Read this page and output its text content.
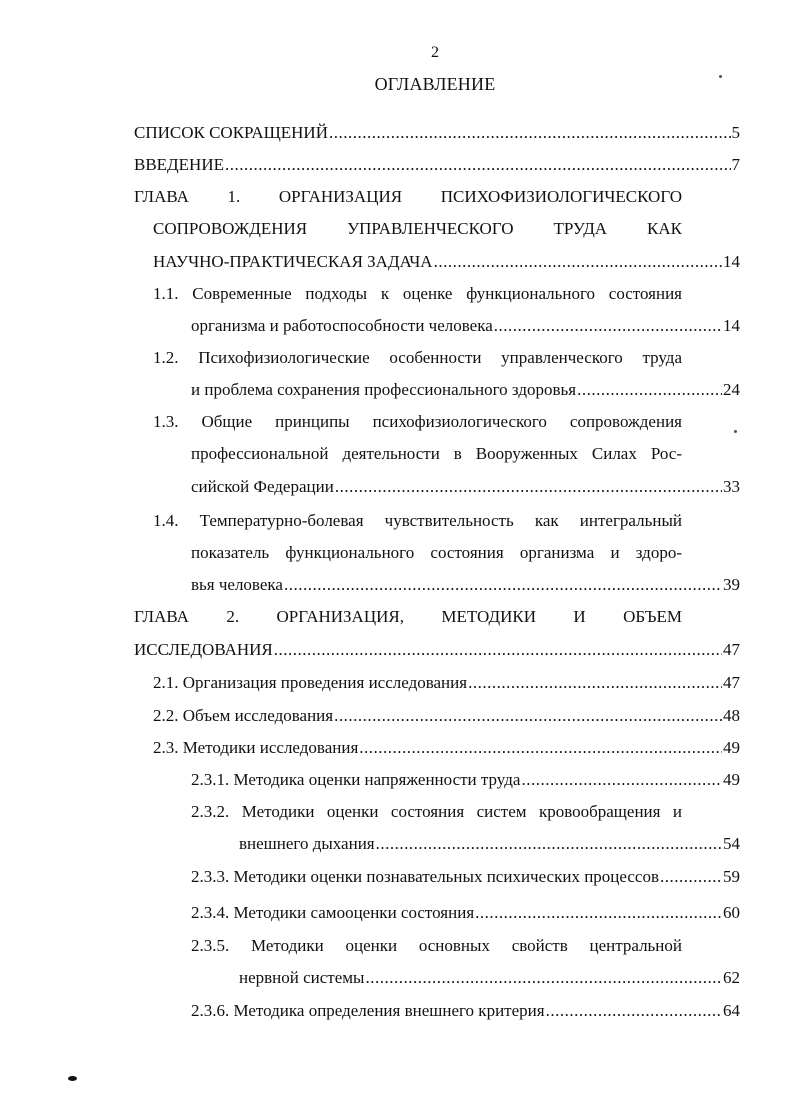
2
ОГЛАВЛЕНИЕ
СПИСОК СОКРАЩЕНИЙ .....	5
ВВЕДЕНИЕ .....	7
ГЛАВА 1. ОРГАНИЗАЦИЯ ПСИХОФИЗИОЛОГИЧЕСКОГО
СОПРОВОЖДЕНИЯ УПРАВЛЕНЧЕСКОГО ТРУДА КАК
НАУЧНО-ПРАКТИЧЕСКАЯ ЗАДАЧА .....	14
1.1. Современные подходы к оценке функционального состояния
организма и работоспособности человека .....	14
1.2. Психофизиологические особенности управленческого труда
и проблема сохранения профессионального здоровья .....	24
1.3. Общие принципы психофизиологического сопровождения
профессиональной деятельности в Вооруженных Силах Рос-
сийской Федерации .....	33
1.4. Температурно-болевая чувствительность как интегральный
показатель функционального состояния организма и здоро-
вья человека .....	39
ГЛАВА 2. ОРГАНИЗАЦИЯ, МЕТОДИКИ И ОБЪЕМ
ИССЛЕДОВАНИЯ .....	47
2.1. Организация проведения исследования .....	47
2.2. Объем исследования .....	48
2.3. Методики исследования .....	49
2.3.1. Методика оценки напряженности труда .....	49
2.3.2. Методики оценки состояния систем кровообращения и
внешнего дыхания .....	54
2.3.3. Методики оценки познавательных психических процессов .....	59
2.3.4. Методики самооценки состояния .....	60
2.3.5. Методики оценки основных свойств центральной
нервной системы .....	62
2.3.6. Методика определения внешнего критерия .....	64
